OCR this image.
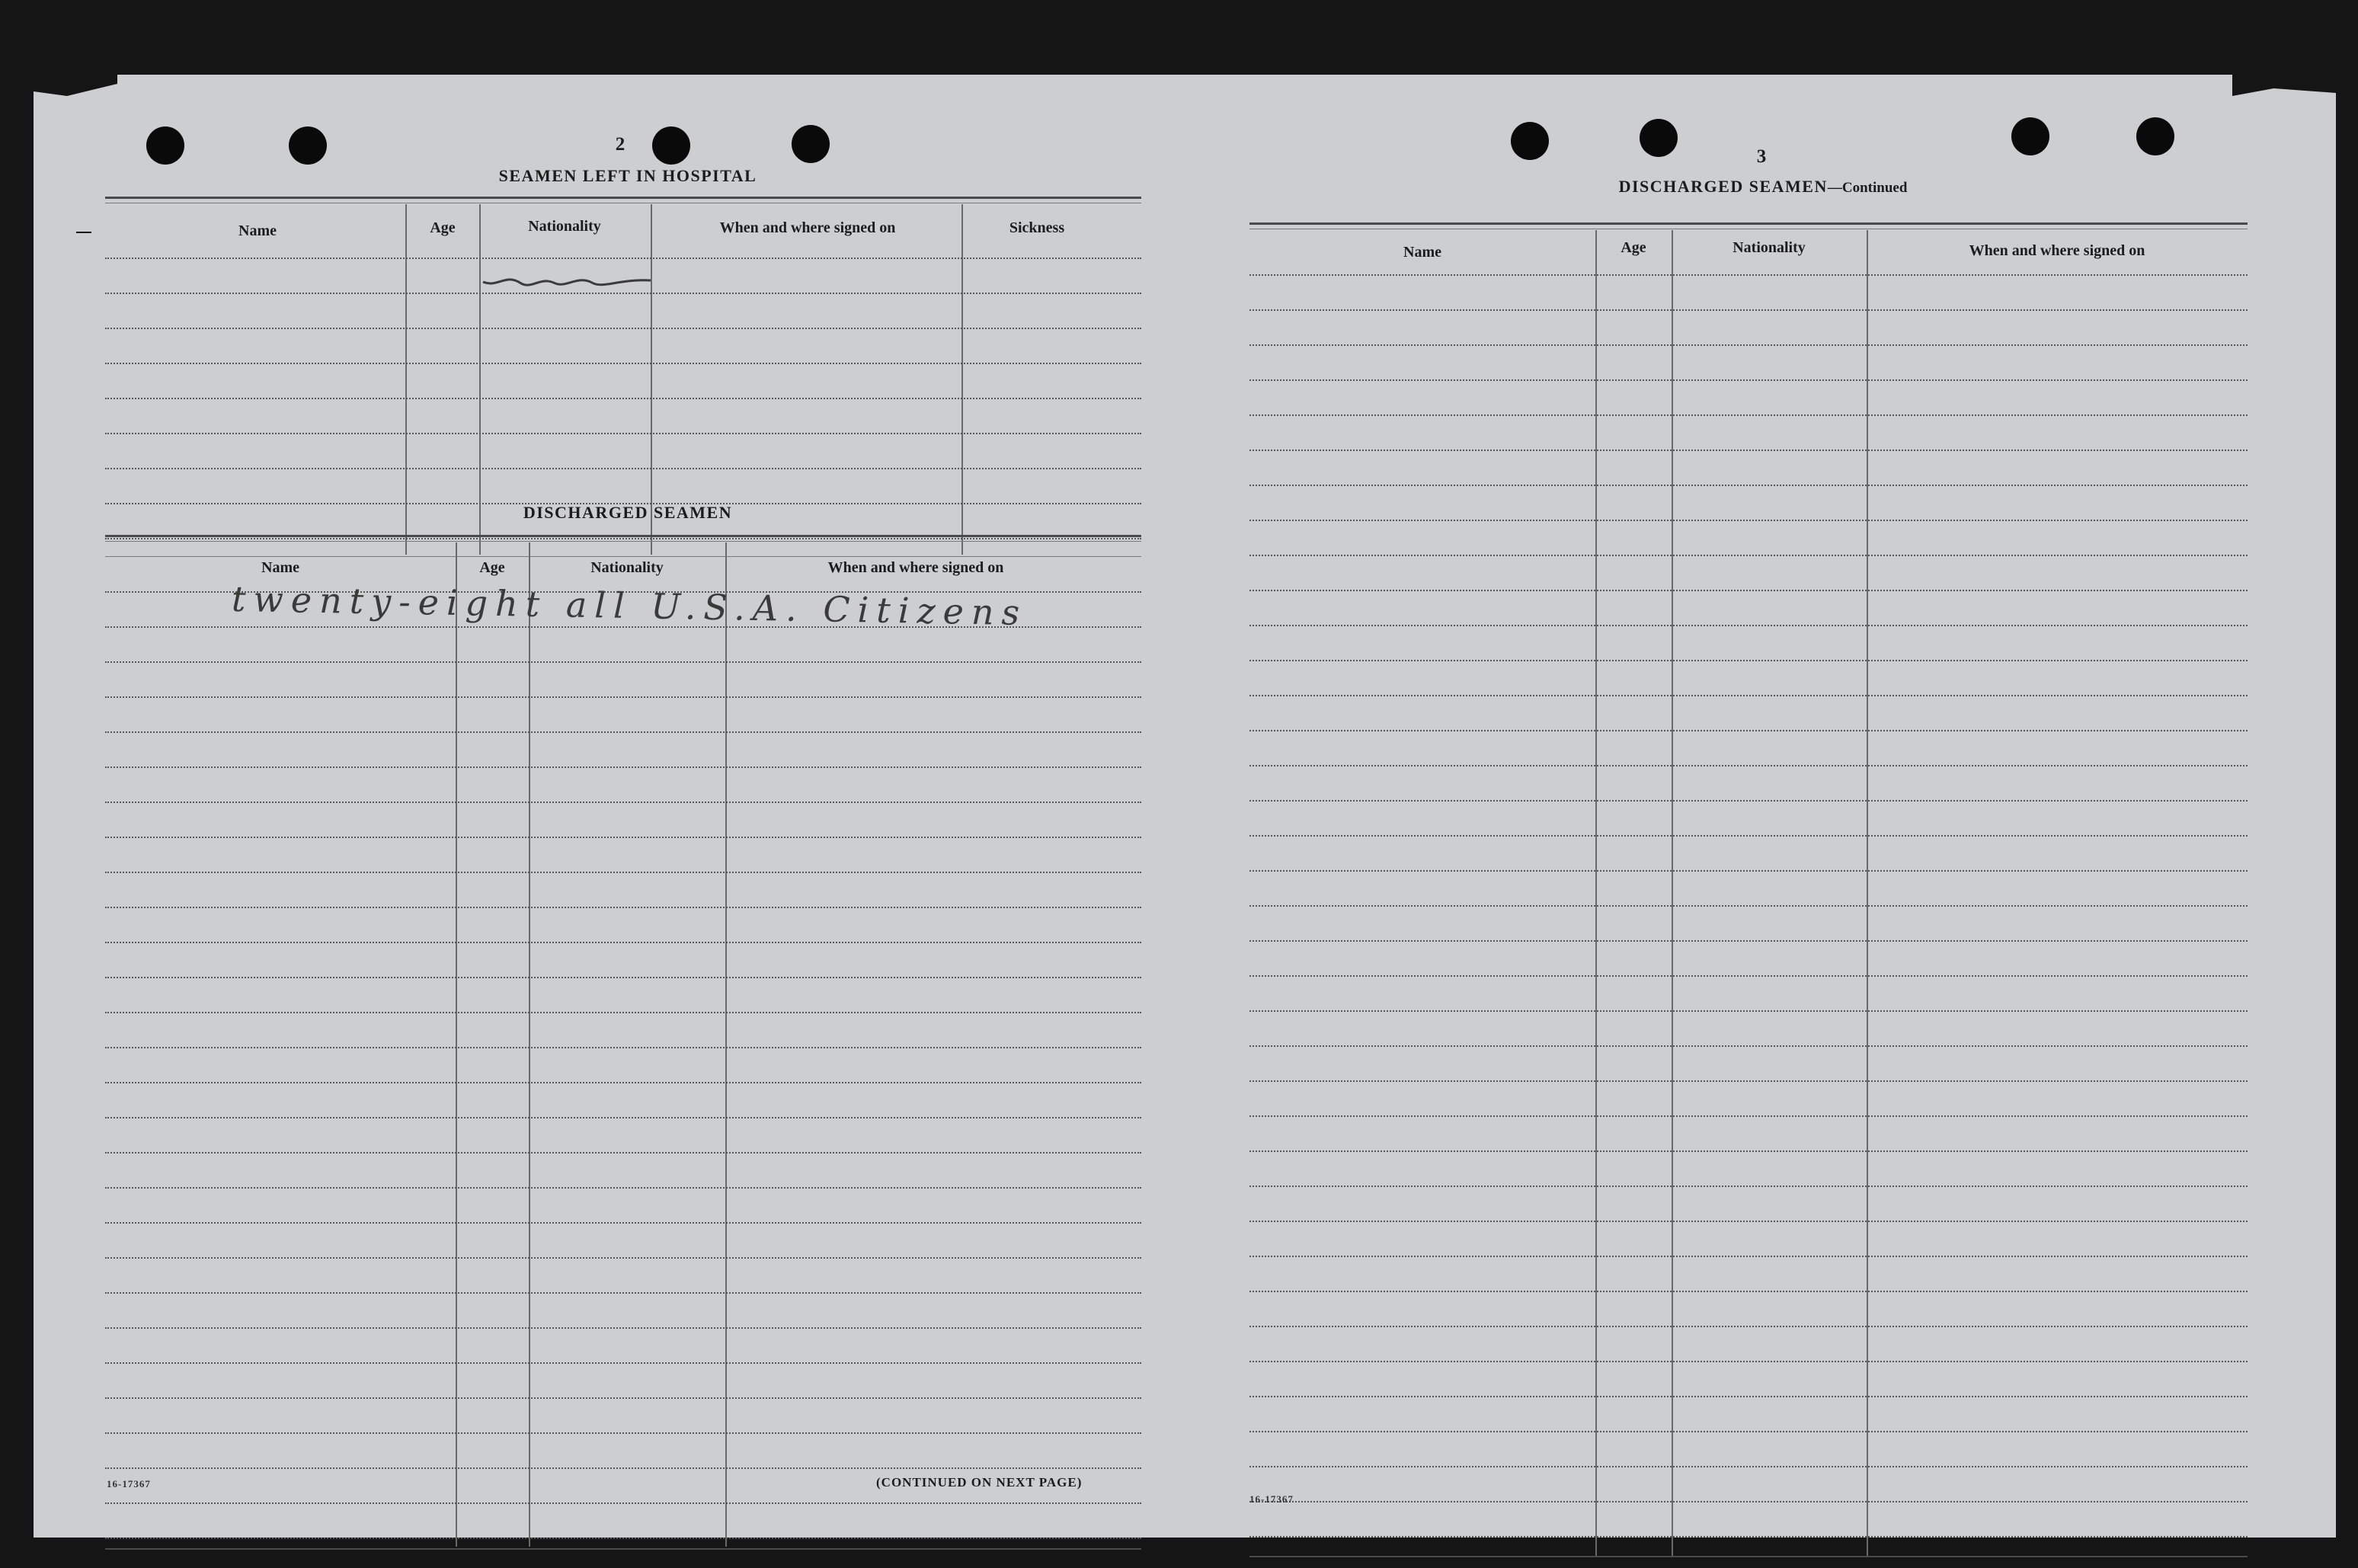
2
SEAMEN LEFT IN HOSPITAL
Name	Age	Nationality	When and where signed on	Sickness
DISCHARGED SEAMEN
Name	Age	Nationality	When and where signed on
twenty-eight all U.S.A. Citizens
16-17367	(CONTINUED ON NEXT PAGE)
3
DISCHARGED SEAMEN—Continued
Name	Age	Nationality	When and where signed on
16-17367
